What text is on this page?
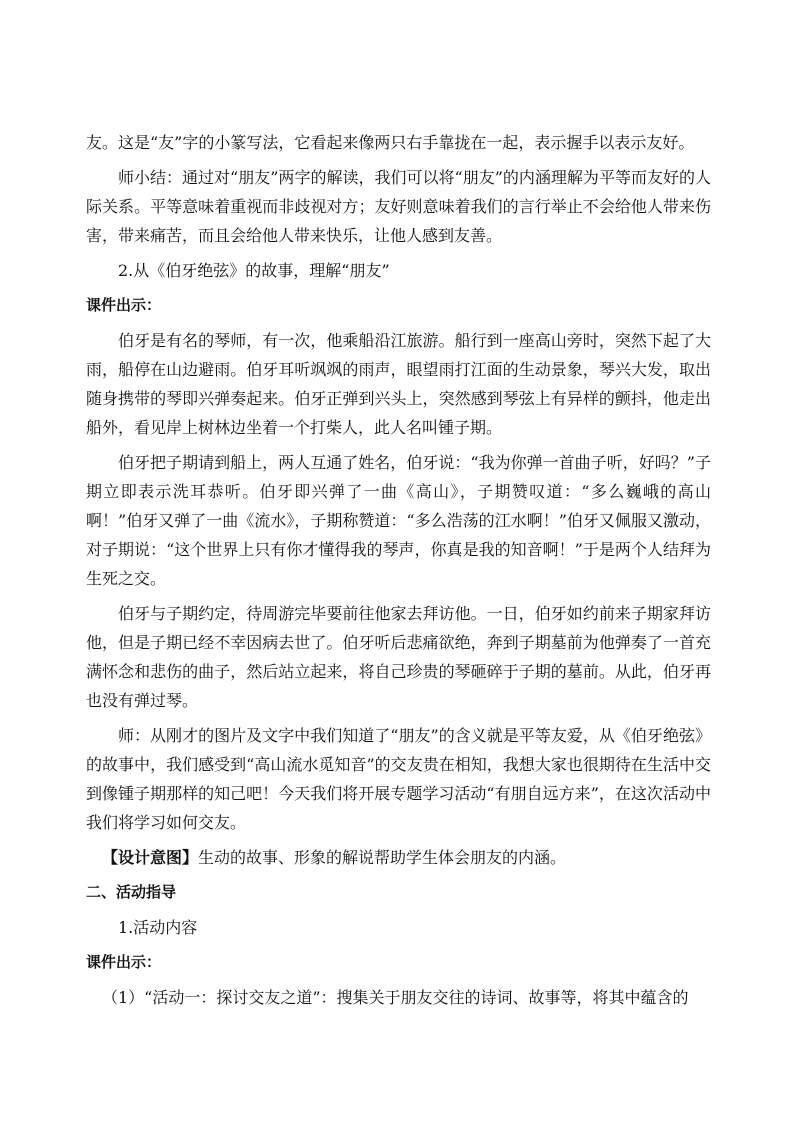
友。这是“友”字的小篆写法，它看起来像两只右手靠拢在一起，表示握手以表示友好。

师小结：通过对“朋友”两字的解读，我们可以将“朋友”的内涵理解为平等而友好的人际关系。平等意味着重视而非歧视对方；友好则意味着我们的言行举止不会给他人带来伤害，带来痛苦，而且会给他人带来快乐，让他人感到友善。

2.从《伯牙绝弦》的故事，理解“朋友”

课件出示：

伯牙是有名的琴师，有一次，他乘船沿江旅游。船行到一座高山旁时，突然下起了大雨，船停在山边避雨。伯牙耳听飒飒的雨声，眼望雨打江面的生动景象，琴兴大发，取出随身携带的琴即兴弹奏起来。伯牙正弹到兴头上，突然感到琴弦上有异样的颤抖，他走出船外，看见岸上树林边坐着一个打柴人，此人名叫锺子期。

伯牙把子期请到船上，两人互通了姓名，伯牙说：“我为你弹一首曲子听，好吗？”子期立即表示洗耳恭听。伯牙即兴弹了一曲《高山》，子期赞叹道：“多么巍峨的高山啊！”伯牙又弹了一曲《流水》，子期称赞道：“多么浩荡的江水啊！”伯牙又佩服又激动，对子期说：“这个世界上只有你才懂得我的琴声，你真是我的知音啊！”于是两个人结拜为生死之交。

伯牙与子期约定，待周游完毕要前往他家去拜访他。一日，伯牙如约前来子期家拜访他，但是子期已经不幸因病去世了。伯牙听后悲痛欲绝，奔到子期墓前为他弹奏了一首充满怀念和悲伤的曲子，然后站立起来，将自己珍贵的琴砸碎于子期的墓前。从此，伯牙再也没有弹过琴。

师：从刚才的图片及文字中我们知道了“朋友”的含义就是平等友爱，从《伯牙绝弦》的故事中，我们感受到“高山流水觅知音”的交友贵在相知，我想大家也很期待在生活中交到像锺子期那样的知己吧！今天我们将开展专题学习活动“有朋自远方来”，在这次活动中我们将学习如何交友。

【设计意图】生动的故事、形象的解说帮助学生体会朋友的内涵。

二、活动指导

1.活动内容

课件出示：

（1）“活动一：探讨交友之道”：搜集关于朋友交往的诗词、故事等，将其中蕴含的
